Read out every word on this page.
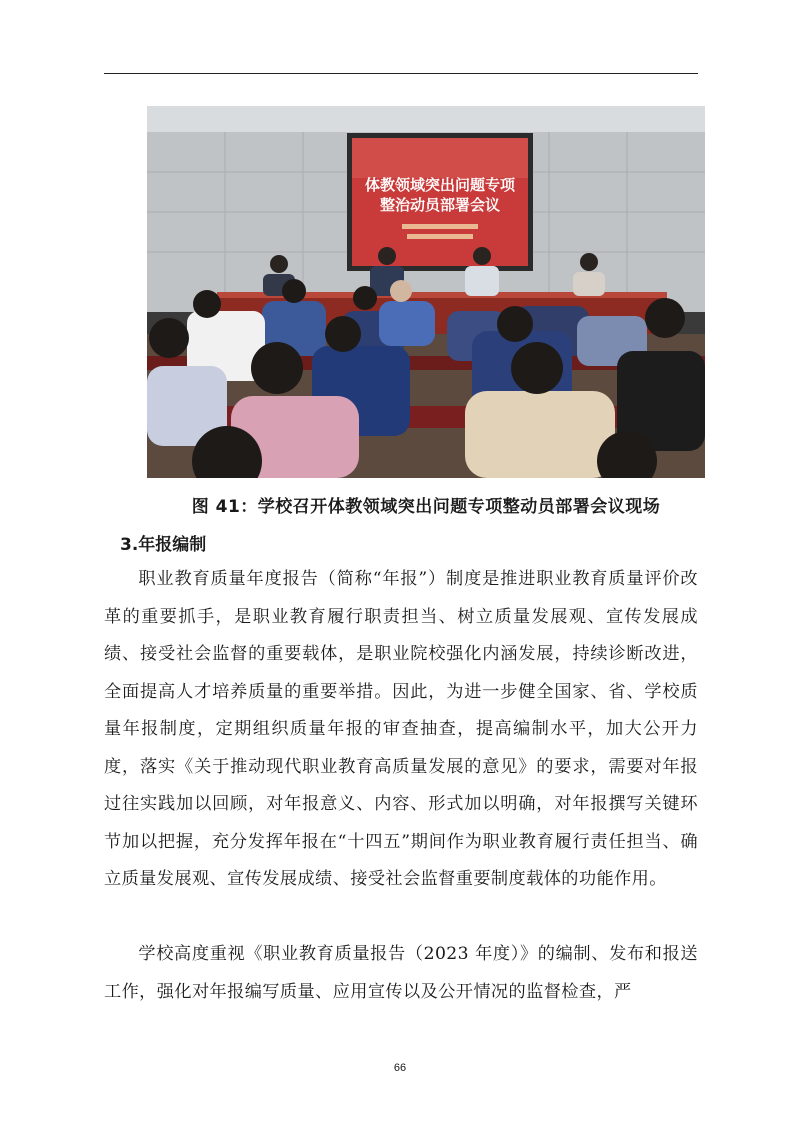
体教领域突出问题专项
整治动员部署会议
图 41：学校召开体教领域突出问题专项整动员部署会议现场
3.年报编制

职业教育质量年度报告（简称“年报”）制度是推进职业教育质量评价改革的重要抓手，是职业教育履行职责担当、树立质量发展观、宣传发展成绩、接受社会监督的重要载体，是职业院校强化内涵发展，持续诊断改进，全面提高人才培养质量的重要举措。因此，为进一步健全国家、省、学校质量年报制度，定期组织质量年报的审查抽查，提高编制水平，加大公开力度，落实《关于推动现代职业教育高质量发展的意见》的要求，需要对年报过往实践加以回顾，对年报意义、内容、形式加以明确，对年报撰写关键环节加以把握，充分发挥年报在“十四五”期间作为职业教育履行责任担当、确立质量发展观、宣传发展成绩、接受社会监督重要制度载体的功能作用。

学校高度重视《职业教育质量报告（2023 年度）》的编制、发布和报送工作，强化对年报编写质量、应用宣传以及公开情况的监督检查，严

66
